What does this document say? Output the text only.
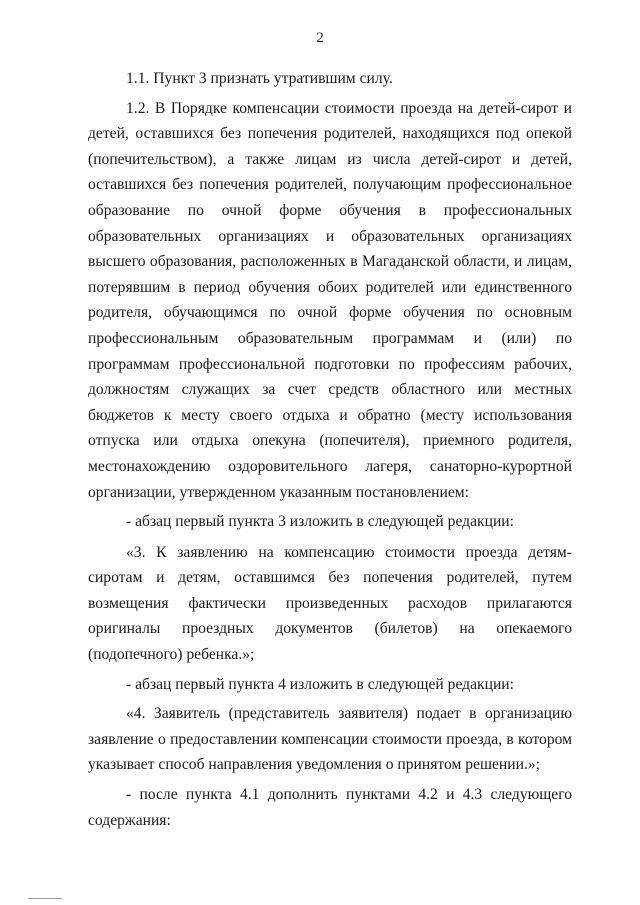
2

1.1. Пункт 3 признать утратившим силу.

1.2. В Порядке компенсации стоимости проезда на детей-сирот и детей, оставшихся без попечения родителей, находящихся под опекой (попечительством), а также лицам из числа детей-сирот и детей, оставшихся без попечения родителей, получающим профессиональное образование по очной форме обучения в профессиональных образовательных организациях и образовательных организациях высшего образования, расположенных в Магаданской области, и лицам, потерявшим в период обучения обоих родителей или единственного родителя, обучающимся по очной форме обучения по основным профессиональным образовательным программам и (или) по программам профессиональной подготовки по профессиям рабочих, должностям служащих за счет средств областного или местных бюджетов к месту своего отдыха и обратно (месту использования отпуска или отдыха опекуна (попечителя), приемного родителя, местонахождению оздоровительного лагеря, санаторно-курортной организации, утвержденном указанным постановлением:

- абзац первый пункта 3 изложить в следующей редакции:

«3. К заявлению на компенсацию стоимости проезда детям-сиротам и детям, оставшимся без попечения родителей, путем возмещения фактически произведенных расходов прилагаются оригиналы проездных документов (билетов) на опекаемого (подопечного) ребенка.»;

- абзац первый пункта 4 изложить в следующей редакции:

«4. Заявитель (представитель заявителя) подает в организацию заявление о предоставлении компенсации стоимости проезда, в котором указывает способ направления уведомления о принятом решении.»;

- после пункта 4.1 дополнить пунктами 4.2 и 4.3 следующего содержания:
